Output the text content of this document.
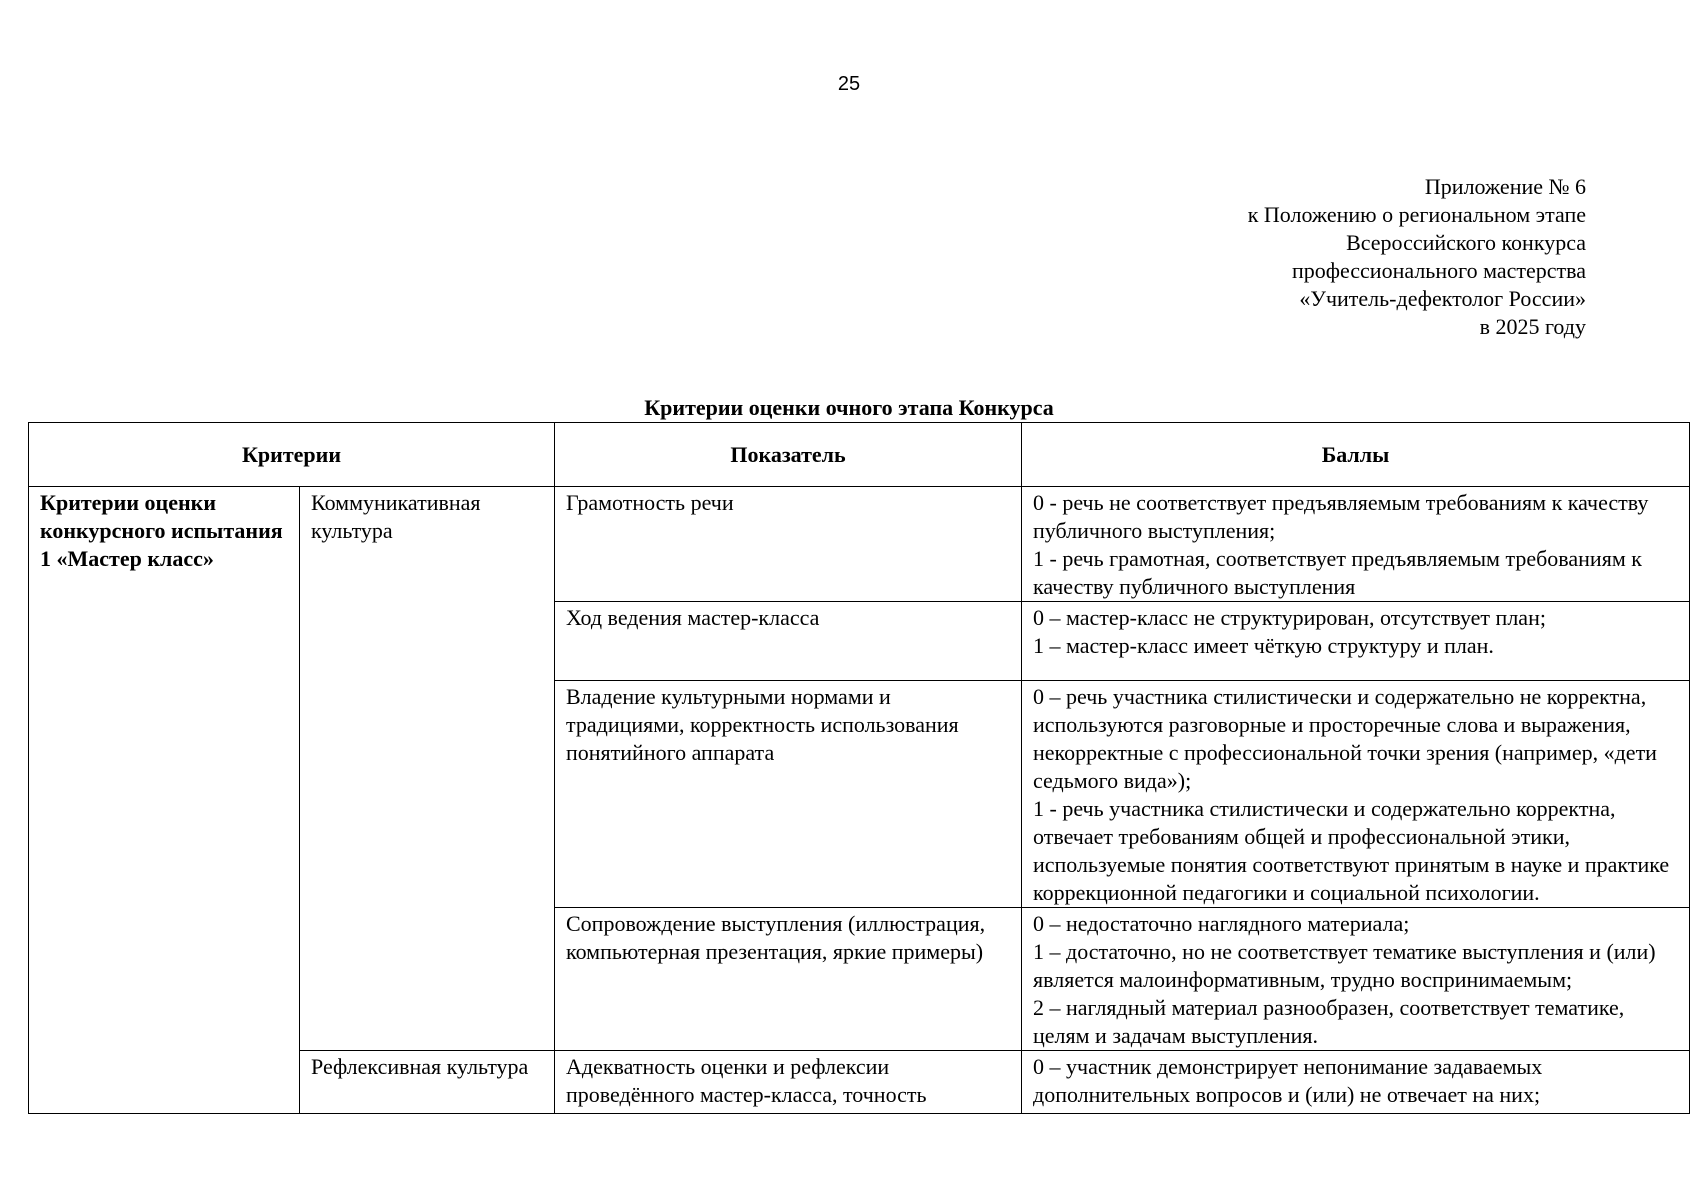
25
Приложение № 6
к Положению о региональном этапе
Всероссийского конкурса
профессионального мастерства
«Учитель-дефектолог России»
в 2025 году
Критерии оценки очного этапа Конкурса
Критерии		Показатель	Баллы
Критерии оценки конкурсного испытания 1 «Мастер класс»	Коммуникативная культура	Грамотность речи	0 - речь не соответствует предъявляемым требованиям к качеству публичного выступления;

1 - речь грамотная, соответствует предъявляемым требованиям к качеству публичного выступления

		Ход ведения мастер-класса	0 – мастер-класс не структурирован, отсутствует план;

1 – мастер-класс имеет чёткую структуру и план.

		Владение культурными нормами и традициями, корректность использования понятийного аппарата	0 – речь участника стилистически и содержательно не корректна, используются разговорные и просторечные слова и выражения, некорректные с профессиональной точки зрения (например, «дети седьмого вида»);

1 - речь участника стилистически и содержательно корректна, отвечает требованиям общей и профессиональной этики, используемые понятия соответствуют принятым в науке и практике коррекционной педагогики и социальной психологии.

		Сопровождение выступления (иллюстрация, компьютерная презентация, яркие примеры)	0 – недостаточно наглядного материала;

1 – достаточно, но не соответствует тематике выступления и (или) является малоинформативным, трудно воспринимаемым;

2 – наглядный материал разнообразен, соответствует тематике, целям и задачам выступления.

	Рефлексивная культура	Адекватность оценки и рефлексии проведённого мастер-класса, точность	0 – участник демонстрирует непонимание задаваемых дополнительных вопросов и (или) не отвечает на них;
